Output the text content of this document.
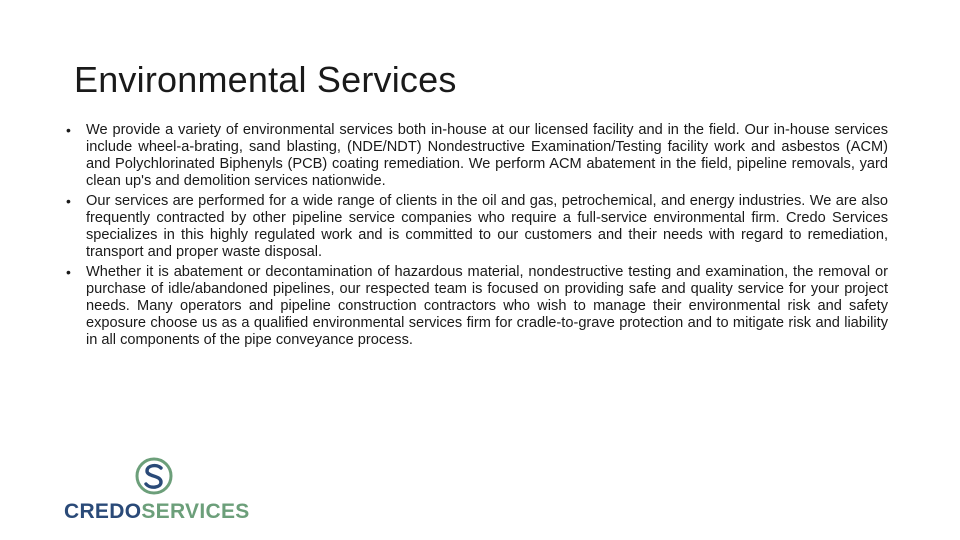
Environmental Services
• We provide a variety of environmental services both in-house at our licensed facility and in the field. Our in-house services include wheel-a-brating, sand blasting, (NDE/NDT) Nondestructive Examination/Testing facility work and asbestos (ACM) and Polychlorinated Biphenyls (PCB) coating remediation. We perform ACM abatement in the field, pipeline removals, yard clean up's and demolition services nationwide.
• Our services are performed for a wide range of clients in the oil and gas, petrochemical, and energy industries. We are also frequently contracted by other pipeline service companies who require a full-service environmental firm. Credo Services specializes in this highly regulated work and is committed to our customers and their needs with regard to remediation, transport and proper waste disposal.
• Whether it is abatement or decontamination of hazardous material, nondestructive testing and examination, the removal or purchase of idle/abandoned pipelines, our respected team is focused on providing safe and quality service for your project needs. Many operators and pipeline construction contractors who wish to manage their environmental risk and safety exposure choose us as a qualified environmental services firm for cradle-to-grave protection and to mitigate risk and liability in all components of the pipe conveyance process.
CREDOSERVICES
